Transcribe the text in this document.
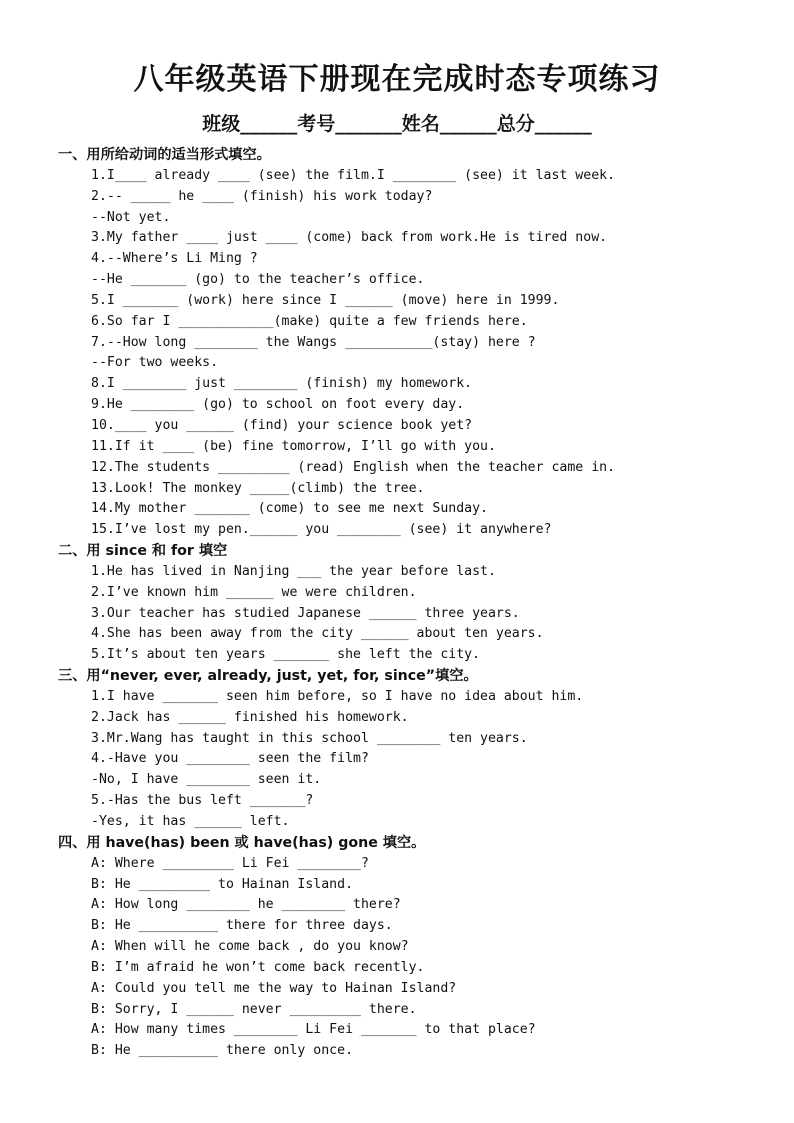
八年级英语下册现在完成时态专项练习
班级______考号_______姓名______总分______
一、用所给动词的适当形式填空。
1.I____ already ____ (see) the film.I ________ (see) it last week.
2.-- _____ he ____ (finish) his work today?
--Not yet.
3.My father ____ just ____ (come) back from work.He is tired now.
4.--Where’s Li Ming ?
--He _______ (go) to the teacher’s office.
5.I _______ (work) here since I ______ (move) here in 1999.
6.So far I ____________(make) quite a few friends here.
7.--How long ________ the Wangs ___________(stay) here ?
--For two weeks.
8.I ________ just ________ (finish) my homework.
9.He ________ (go) to school on foot every day.
10.____ you ______ (find) your science book yet?
11.If it ____ (be) fine tomorrow, I’ll go with you.
12.The students _________ (read) English when the teacher came in.
13.Look! The monkey _____(climb) the tree.
14.My mother _______ (come) to see me next Sunday.
15.I’ve lost my pen.______ you ________ (see) it anywhere?
二、用 since 和 for 填空
1.He has lived in Nanjing ___ the year before last.
2.I’ve known him ______ we were children.
3.Our teacher has studied Japanese ______ three years.
4.She has been away from the city ______ about ten years.
5.It’s about ten years _______ she left the city.
三、用“never, ever, already, just, yet, for, since”填空。
1.I have _______ seen him before, so I have no idea about him.
2.Jack has ______ finished his homework.
3.Mr.Wang has taught in this school ________ ten years.
4.-Have you ________ seen the film?
-No, I have ________ seen it.
5.-Has the bus left _______?
-Yes, it has ______ left.
四、用 have(has) been 或 have(has) gone 填空。
A: Where _________ Li Fei ________?
B: He _________ to Hainan Island.
A: How long ________ he ________ there?
B: He __________ there for three days.
A: When will he come back , do you know?
B: I’m afraid he won’t come back recently.
A: Could you tell me the way to Hainan Island?
B: Sorry, I ______ never _________ there.
A: How many times ________ Li Fei _______ to that place?
B: He __________ there only once.
